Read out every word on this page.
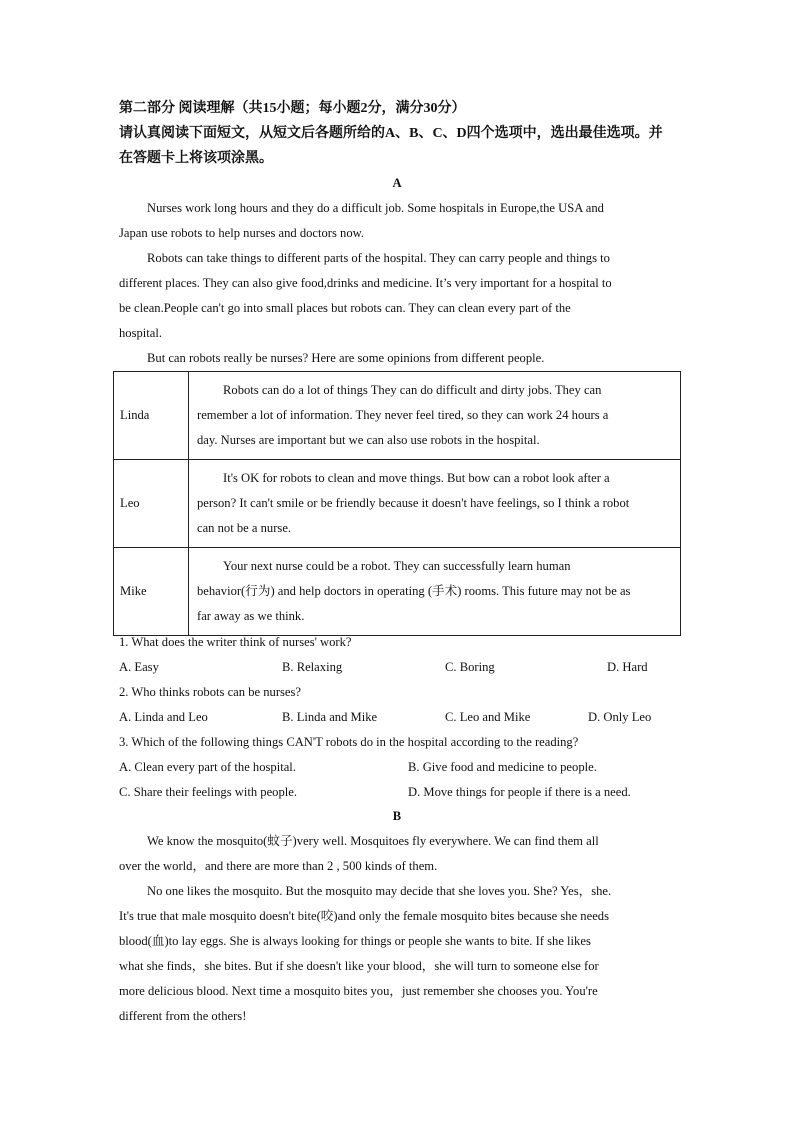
第二部分 阅读理解（共15小题；每小题2分，满分30分）
请认真阅读下面短文，从短文后各题所给的A、B、C、D四个选项中，选出最佳选项。并
在答题卡上将该项涂黑。
A
Nurses work long hours and they do a difficult job. Some hospitals in Europe,the USA and
Japan use robots to help nurses and doctors now.
Robots can take things to different parts of the hospital. They can carry people and things to
different places. They can also give food,drinks and medicine. It’s very important for a hospital to
be clean.People can't go into small places but robots can. They can clean every part of the
hospital.
But can robots really be nurses? Here are some opinions from different people.
Linda	Robots can do a lot of things They can do difficult and dirty jobs. They can
remember a lot of information. They never feel tired, so they can work 24 hours a
day. Nurses are important but we can also use robots in the hospital.
Leo	It's OK for robots to clean and move things. But bow can a robot look after a
person? It can't smile or be friendly because it doesn't have feelings, so I think a robot
can not be a nurse.
Mike	Your next nurse could be a robot. They can successfully learn human
behavior(行为) and help doctors in operating (手术) rooms. This future may not be as
far away as we think.
1. What does the writer think of nurses' work?
A. Easy	B. Relaxing	C. Boring	D. Hard
2. Who thinks robots can be nurses?
A. Linda and Leo	B. Linda and Mike	C. Leo and Mike	D. Only Leo
3. Which of the following things CAN'T robots do in the hospital according to the reading?
A. Clean every part of the hospital.	B. Give food and medicine to people.
C. Share their feelings with people.	D. Move things for people if there is a need.
B
We know the mosquito(蚊子)very well. Mosquitoes fly everywhere. We can find them all
over the world，and there are more than 2 , 500 kinds of them.
No one likes the mosquito. But the mosquito may decide that she loves you. She? Yes，she.
It's true that male mosquito doesn't bite(咬)and only the female mosquito bites because she needs
blood(血)to lay eggs. She is always looking for things or people she wants to bite. If she likes
what she finds，she bites. But if she doesn't like your blood，she will turn to someone else for
more delicious blood. Next time a mosquito bites you，just remember she chooses you. You're
different from the others!
